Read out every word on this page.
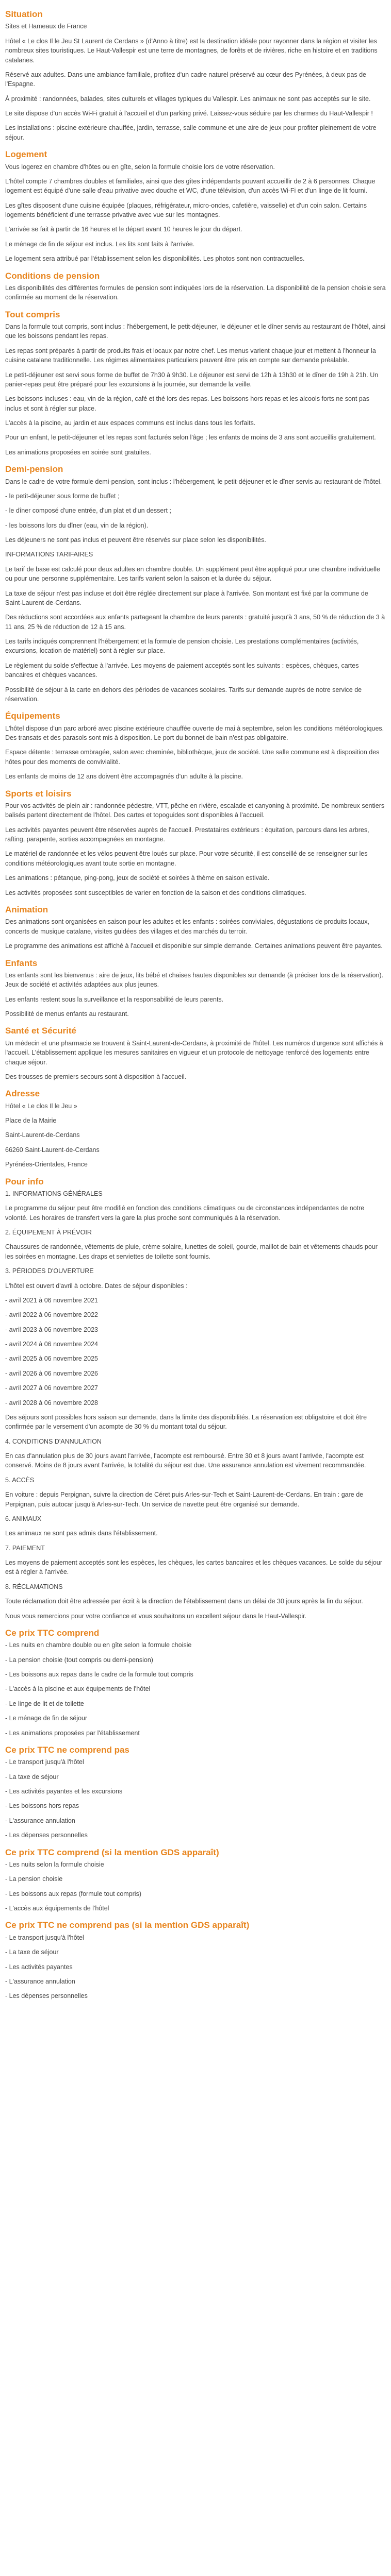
Situation

Sites et Hameaux de France

Hôtel « Le clos Il le Jeu St Laurent de Cerdans » (d'Anno à titre) est la destination idéale pour rayonner dans la région et visiter les nombreux sites touristiques. Le Haut-Vallespir est une terre de montagnes, de forêts et de rivières, riche en histoire et en traditions catalanes.

Réservé aux adultes. Dans une ambiance familiale, profitez d'un cadre naturel préservé au cœur des Pyrénées, à deux pas de l'Espagne.

À proximité : randonnées, balades, sites culturels et villages typiques du Vallespir. Les animaux ne sont pas acceptés sur le site.

Le site dispose d'un accès Wi-Fi gratuit à l'accueil et d'un parking privé. Laissez-vous séduire par les charmes du Haut-Vallespir !

Les installations : piscine extérieure chauffée, jardin, terrasse, salle commune et une aire de jeux pour profiter pleinement de votre séjour.

Logement

Vous logerez en chambre d'hôtes ou en gîte, selon la formule choisie lors de votre réservation.

L'hôtel compte 7 chambres doubles et familiales, ainsi que des gîtes indépendants pouvant accueillir de 2 à 6 personnes. Chaque logement est équipé d'une salle d'eau privative avec douche et WC, d'une télévision, d'un accès Wi-Fi et d'un linge de lit fourni.

Les gîtes disposent d'une cuisine équipée (plaques, réfrigérateur, micro-ondes, cafetière, vaisselle) et d'un coin salon. Certains logements bénéficient d'une terrasse privative avec vue sur les montagnes.

L'arrivée se fait à partir de 16 heures et le départ avant 10 heures le jour du départ.

Le ménage de fin de séjour est inclus. Les lits sont faits à l'arrivée.

Le logement sera attribué par l'établissement selon les disponibilités. Les photos sont non contractuelles.

Conditions de pension

Les disponibilités des différentes formules de pension sont indiquées lors de la réservation. La disponibilité de la pension choisie sera confirmée au moment de la réservation.

Tout compris

Dans la formule tout compris, sont inclus : l'hébergement, le petit-déjeuner, le déjeuner et le dîner servis au restaurant de l'hôtel, ainsi que les boissons pendant les repas.

Les repas sont préparés à partir de produits frais et locaux par notre chef. Les menus varient chaque jour et mettent à l'honneur la cuisine catalane traditionnelle. Les régimes alimentaires particuliers peuvent être pris en compte sur demande préalable.

Le petit-déjeuner est servi sous forme de buffet de 7h30 à 9h30. Le déjeuner est servi de 12h à 13h30 et le dîner de 19h à 21h. Un panier-repas peut être préparé pour les excursions à la journée, sur demande la veille.

Les boissons incluses : eau, vin de la région, café et thé lors des repas. Les boissons hors repas et les alcools forts ne sont pas inclus et sont à régler sur place.

L'accès à la piscine, au jardin et aux espaces communs est inclus dans tous les forfaits.

Pour un enfant, le petit-déjeuner et les repas sont facturés selon l'âge ; les enfants de moins de 3 ans sont accueillis gratuitement.

Les animations proposées en soirée sont gratuites.

Demi-pension

Dans le cadre de votre formule demi-pension, sont inclus : l'hébergement, le petit-déjeuner et le dîner servis au restaurant de l'hôtel.

- le petit-déjeuner sous forme de buffet ;

- le dîner composé d'une entrée, d'un plat et d'un dessert ;

- les boissons lors du dîner (eau, vin de la région).

Les déjeuners ne sont pas inclus et peuvent être réservés sur place selon les disponibilités.

INFORMATIONS TARIFAIRES

Le tarif de base est calculé pour deux adultes en chambre double. Un supplément peut être appliqué pour une chambre individuelle ou pour une personne supplémentaire. Les tarifs varient selon la saison et la durée du séjour.

La taxe de séjour n'est pas incluse et doit être réglée directement sur place à l'arrivée. Son montant est fixé par la commune de Saint-Laurent-de-Cerdans.

Des réductions sont accordées aux enfants partageant la chambre de leurs parents : gratuité jusqu'à 3 ans, 50 % de réduction de 3 à 11 ans, 25 % de réduction de 12 à 15 ans.

Les tarifs indiqués comprennent l'hébergement et la formule de pension choisie. Les prestations complémentaires (activités, excursions, location de matériel) sont à régler sur place.

Le règlement du solde s'effectue à l'arrivée. Les moyens de paiement acceptés sont les suivants : espèces, chèques, cartes bancaires et chèques vacances.

Possibilité de séjour à la carte en dehors des périodes de vacances scolaires. Tarifs sur demande auprès de notre service de réservation.

Équipements

L'hôtel dispose d'un parc arboré avec piscine extérieure chauffée ouverte de mai à septembre, selon les conditions météorologiques. Des transats et des parasols sont mis à disposition. Le port du bonnet de bain n'est pas obligatoire.

Espace détente : terrasse ombragée, salon avec cheminée, bibliothèque, jeux de société. Une salle commune est à disposition des hôtes pour des moments de convivialité.

Les enfants de moins de 12 ans doivent être accompagnés d'un adulte à la piscine.

Sports et loisirs

Pour vos activités de plein air : randonnée pédestre, VTT, pêche en rivière, escalade et canyoning à proximité. De nombreux sentiers balisés partent directement de l'hôtel. Des cartes et topoguides sont disponibles à l'accueil.

Les activités payantes peuvent être réservées auprès de l'accueil. Prestataires extérieurs : équitation, parcours dans les arbres, rafting, parapente, sorties accompagnées en montagne.

Le matériel de randonnée et les vélos peuvent être loués sur place. Pour votre sécurité, il est conseillé de se renseigner sur les conditions météorologiques avant toute sortie en montagne.

Les animations : pétanque, ping-pong, jeux de société et soirées à thème en saison estivale.

Les activités proposées sont susceptibles de varier en fonction de la saison et des conditions climatiques.

Animation

Des animations sont organisées en saison pour les adultes et les enfants : soirées conviviales, dégustations de produits locaux, concerts de musique catalane, visites guidées des villages et des marchés du terroir.

Le programme des animations est affiché à l'accueil et disponible sur simple demande. Certaines animations peuvent être payantes.

Enfants

Les enfants sont les bienvenus : aire de jeux, lits bébé et chaises hautes disponibles sur demande (à préciser lors de la réservation). Jeux de société et activités adaptées aux plus jeunes.

Les enfants restent sous la surveillance et la responsabilité de leurs parents.

Possibilité de menus enfants au restaurant.

Santé et Sécurité

Un médecin et une pharmacie se trouvent à Saint-Laurent-de-Cerdans, à proximité de l'hôtel. Les numéros d'urgence sont affichés à l'accueil. L'établissement applique les mesures sanitaires en vigueur et un protocole de nettoyage renforcé des logements entre chaque séjour.

Des trousses de premiers secours sont à disposition à l'accueil.

Adresse

Hôtel « Le clos Il le Jeu »

Place de la Mairie

Saint-Laurent-de-Cerdans

66260 Saint-Laurent-de-Cerdans

Pyrénées-Orientales, France

Pour info

1. INFORMATIONS GÉNÉRALES

Le programme du séjour peut être modifié en fonction des conditions climatiques ou de circonstances indépendantes de notre volonté. Les horaires de transfert vers la gare la plus proche sont communiqués à la réservation.

2. ÉQUIPEMENT À PRÉVOIR

Chaussures de randonnée, vêtements de pluie, crème solaire, lunettes de soleil, gourde, maillot de bain et vêtements chauds pour les soirées en montagne. Les draps et serviettes de toilette sont fournis.

3. PÉRIODES D'OUVERTURE

L'hôtel est ouvert d'avril à octobre. Dates de séjour disponibles :

- avril 2021 à 06 novembre 2021

- avril 2022 à 06 novembre 2022

- avril 2023 à 06 novembre 2023

- avril 2024 à 06 novembre 2024

- avril 2025 à 06 novembre 2025

- avril 2026 à 06 novembre 2026

- avril 2027 à 06 novembre 2027

- avril 2028 à 06 novembre 2028

Des séjours sont possibles hors saison sur demande, dans la limite des disponibilités. La réservation est obligatoire et doit être confirmée par le versement d'un acompte de 30 % du montant total du séjour.

4. CONDITIONS D'ANNULATION

En cas d'annulation plus de 30 jours avant l'arrivée, l'acompte est remboursé. Entre 30 et 8 jours avant l'arrivée, l'acompte est conservé. Moins de 8 jours avant l'arrivée, la totalité du séjour est due. Une assurance annulation est vivement recommandée.

5. ACCÈS

En voiture : depuis Perpignan, suivre la direction de Céret puis Arles-sur-Tech et Saint-Laurent-de-Cerdans. En train : gare de Perpignan, puis autocar jusqu'à Arles-sur-Tech. Un service de navette peut être organisé sur demande.

6. ANIMAUX

Les animaux ne sont pas admis dans l'établissement.

7. PAIEMENT

Les moyens de paiement acceptés sont les espèces, les chèques, les cartes bancaires et les chèques vacances. Le solde du séjour est à régler à l'arrivée.

8. RÉCLAMATIONS

Toute réclamation doit être adressée par écrit à la direction de l'établissement dans un délai de 30 jours après la fin du séjour.

Nous vous remercions pour votre confiance et vous souhaitons un excellent séjour dans le Haut-Vallespir.

Ce prix TTC comprend

- Les nuits en chambre double ou en gîte selon la formule choisie

- La pension choisie (tout compris ou demi-pension)

- Les boissons aux repas dans le cadre de la formule tout compris

- L'accès à la piscine et aux équipements de l'hôtel

- Le linge de lit et de toilette

- Le ménage de fin de séjour

- Les animations proposées par l'établissement

Ce prix TTC ne comprend pas

- Le transport jusqu'à l'hôtel

- La taxe de séjour

- Les activités payantes et les excursions

- Les boissons hors repas

- L'assurance annulation

- Les dépenses personnelles

Ce prix TTC comprend (si la mention GDS apparaît)

- Les nuits selon la formule choisie

- La pension choisie

- Les boissons aux repas (formule tout compris)

- L'accès aux équipements de l'hôtel

Ce prix TTC ne comprend pas (si la mention GDS apparaît)

- Le transport jusqu'à l'hôtel

- La taxe de séjour

- Les activités payantes

- L'assurance annulation

- Les dépenses personnelles
